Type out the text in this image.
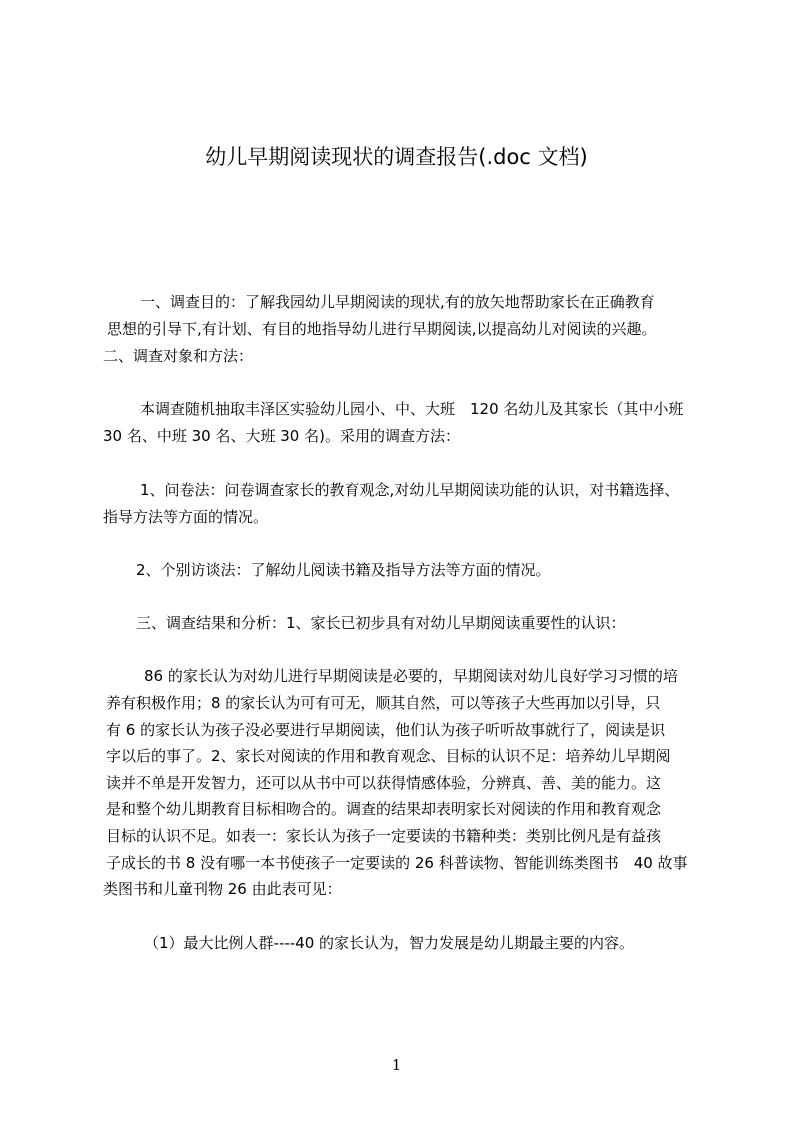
幼儿早期阅读现状的调查报告(.doc 文档)
一、调查目的：了解我园幼儿早期阅读的现状,有的放矢地帮助家长在正确教育
思想的引导下,有计划、有目的地指导幼儿进行早期阅读,以提高幼儿对阅读的兴趣。
二、调查对象和方法：
本调查随机抽取丰泽区实验幼儿园小、中、大班　120 名幼儿及其家长（其中小班
30 名、中班 30 名、大班 30 名)。采用的调查方法：
1、问卷法：问卷调查家长的教育观念,对幼儿早期阅读功能的认识，对书籍选择、
指导方法等方面的情况。
2、个别访谈法：了解幼儿阅读书籍及指导方法等方面的情况。
三、调查结果和分析：1、家长已初步具有对幼儿早期阅读重要性的认识：
86 的家长认为对幼儿进行早期阅读是必要的，早期阅读对幼儿良好学习习惯的培
养有积极作用；8 的家长认为可有可无，顺其自然，可以等孩子大些再加以引导，只
有 6 的家长认为孩子没必要进行早期阅读，他们认为孩子听听故事就行了，阅读是识
字以后的事了。2、家长对阅读的作用和教育观念、目标的认识不足：培养幼儿早期阅
读并不单是开发智力，还可以从书中可以获得情感体验，分辨真、善、美的能力。这
是和整个幼儿期教育目标相吻合的。调查的结果却表明家长对阅读的作用和教育观念
目标的认识不足。如表一：家长认为孩子一定要读的书籍种类：类别比例凡是有益孩
子成长的书 8 没有哪一本书使孩子一定要读的 26 科普读物、智能训练类图书　40 故事
类图书和儿童刊物 26 由此表可见：
（1）最大比例人群----40 的家长认为，智力发展是幼儿期最主要的内容。
1
